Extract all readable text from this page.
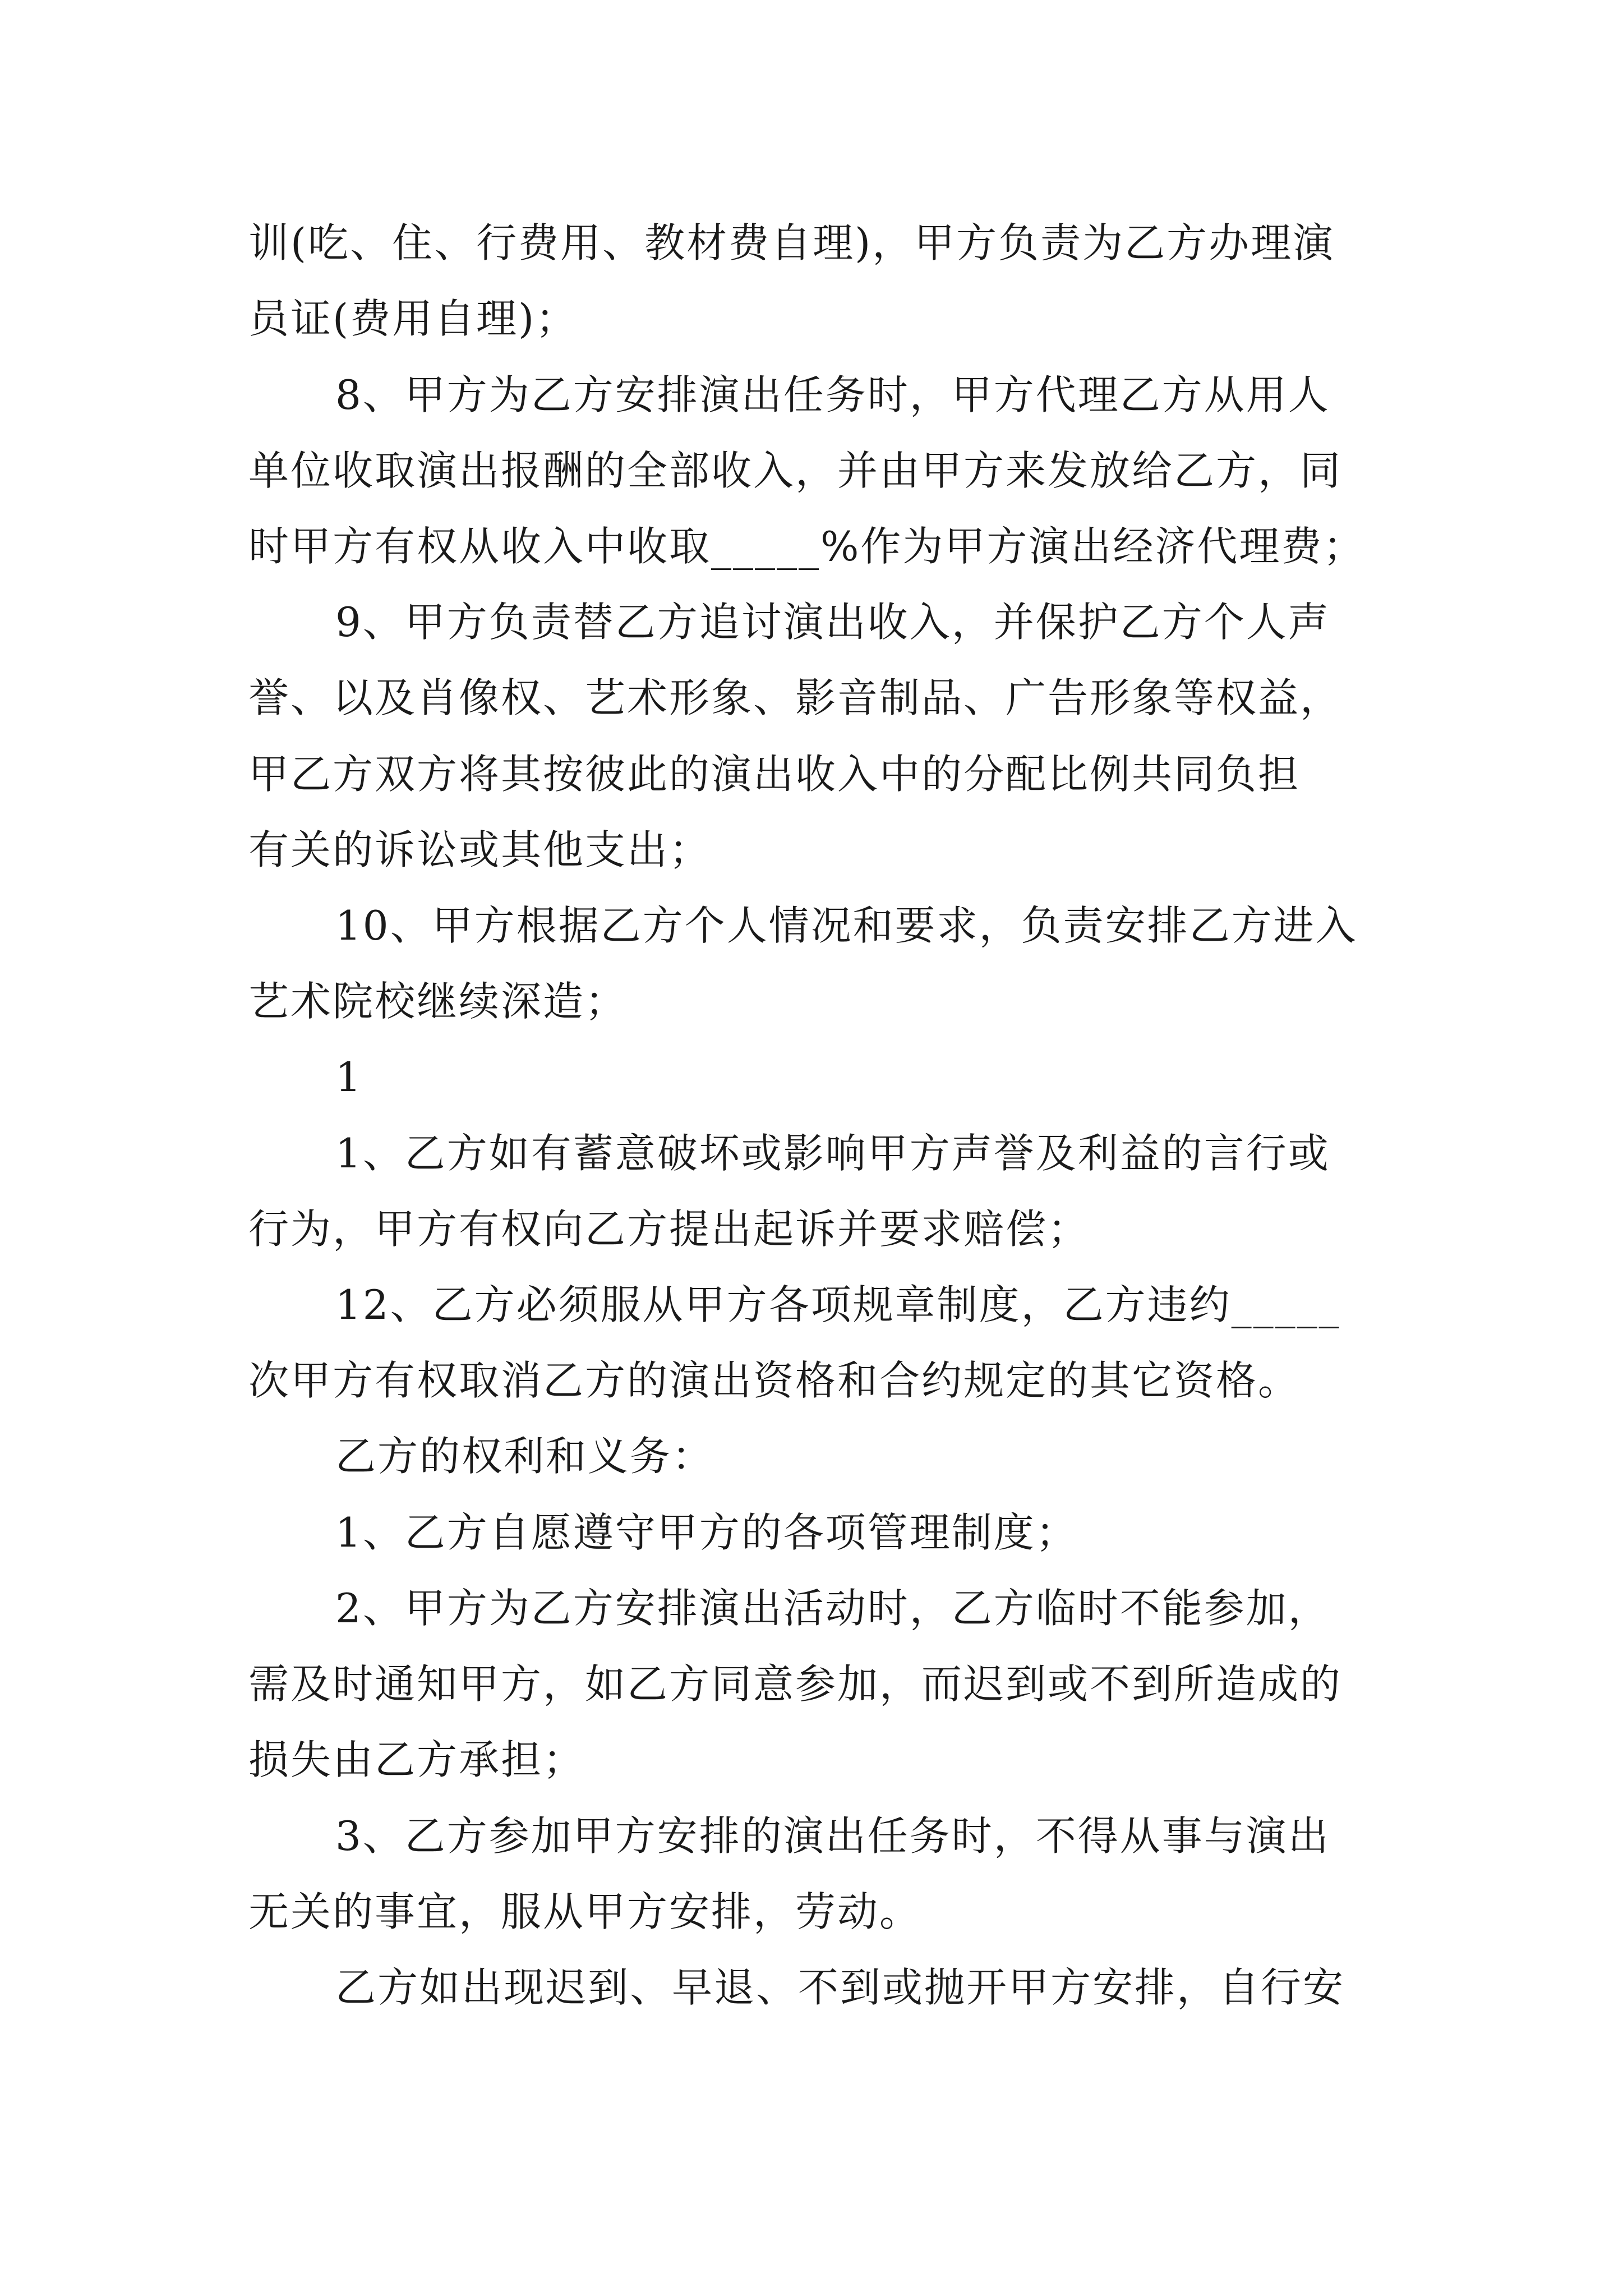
训(吃、住、行费用、教材费自理)，甲方负责为乙方办理演
员证(费用自理)；
8、甲方为乙方安排演出任务时，甲方代理乙方从用人
单位收取演出报酬的全部收入，并由甲方来发放给乙方，同
时甲方有权从收入中收取_____%作为甲方演出经济代理费；
9、甲方负责替乙方追讨演出收入，并保护乙方个人声
誉、以及肖像权、艺术形象、影音制品、广告形象等权益，
甲乙方双方将其按彼此的演出收入中的分配比例共同负担
有关的诉讼或其他支出；
10、甲方根据乙方个人情况和要求，负责安排乙方进入
艺术院校继续深造；
1
1、乙方如有蓄意破坏或影响甲方声誉及利益的言行或
行为，甲方有权向乙方提出起诉并要求赔偿；
12、乙方必须服从甲方各项规章制度，乙方违约_____
次甲方有权取消乙方的演出资格和合约规定的其它资格。
乙方的权利和义务：
1、乙方自愿遵守甲方的各项管理制度；
2、甲方为乙方安排演出活动时，乙方临时不能参加，
需及时通知甲方，如乙方同意参加，而迟到或不到所造成的
损失由乙方承担；
3、乙方参加甲方安排的演出任务时，不得从事与演出
无关的事宜，服从甲方安排，劳动。
乙方如出现迟到、早退、不到或抛开甲方安排，自行安
